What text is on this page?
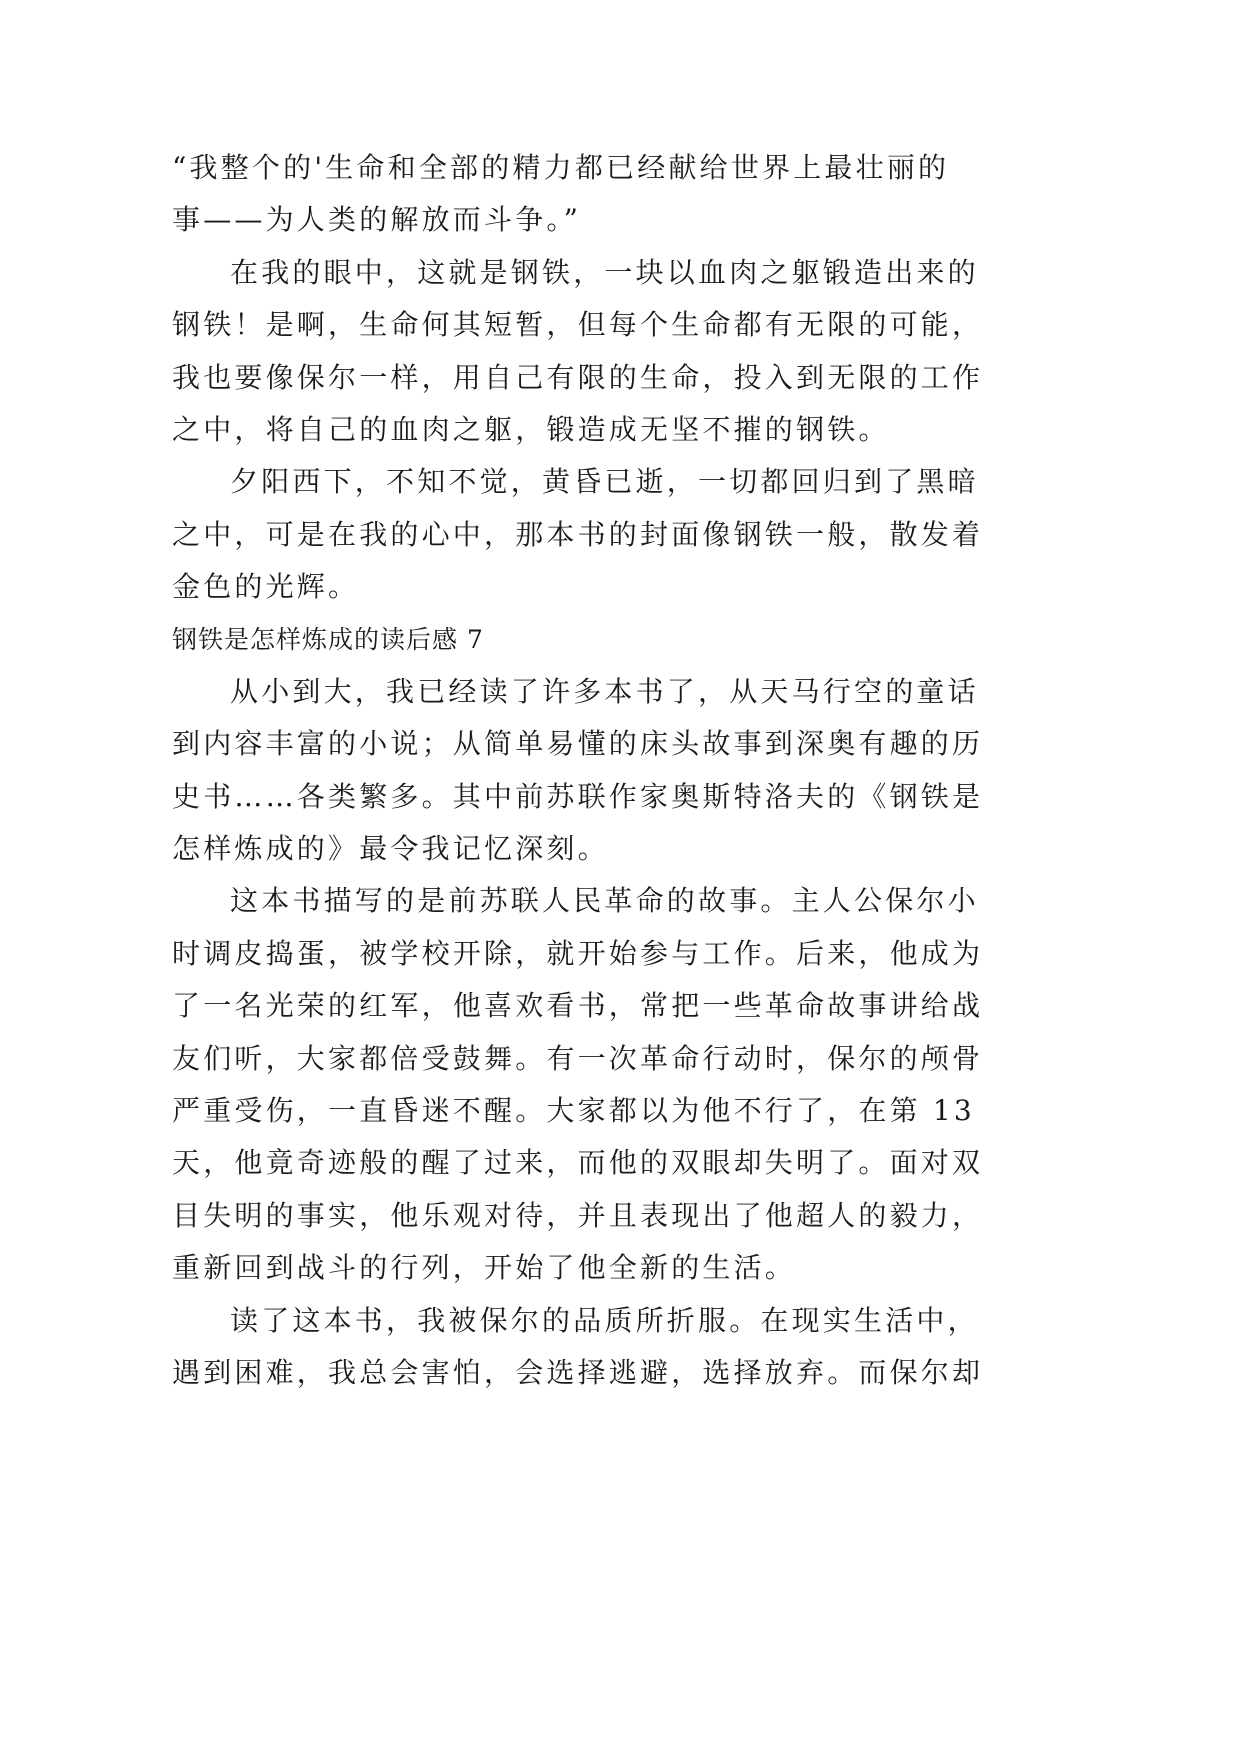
“我整个的'生命和全部的精力都已经献给世界上最壮丽的
事——为人类的解放而斗争。”
在我的眼中，这就是钢铁，一块以血肉之躯锻造出来的
钢铁！是啊，生命何其短暂，但每个生命都有无限的可能，
我也要像保尔一样，用自己有限的生命，投入到无限的工作
之中，将自己的血肉之躯，锻造成无坚不摧的钢铁。
夕阳西下，不知不觉，黄昏已逝，一切都回归到了黑暗
之中，可是在我的心中，那本书的封面像钢铁一般，散发着
金色的光辉。
钢铁是怎样炼成的读后感 7
从小到大，我已经读了许多本书了，从天马行空的童话
到内容丰富的小说；从简单易懂的床头故事到深奥有趣的历
史书……各类繁多。其中前苏联作家奥斯特洛夫的《钢铁是
怎样炼成的》最令我记忆深刻。
这本书描写的是前苏联人民革命的故事。主人公保尔小
时调皮捣蛋，被学校开除，就开始参与工作。后来，他成为
了一名光荣的红军，他喜欢看书，常把一些革命故事讲给战
友们听，大家都倍受鼓舞。有一次革命行动时，保尔的颅骨
严重受伤，一直昏迷不醒。大家都以为他不行了，在第 13
天，他竟奇迹般的醒了过来，而他的双眼却失明了。面对双
目失明的事实，他乐观对待，并且表现出了他超人的毅力，
重新回到战斗的行列，开始了他全新的生活。
读了这本书，我被保尔的品质所折服。在现实生活中，
遇到困难，我总会害怕，会选择逃避，选择放弃。而保尔却
